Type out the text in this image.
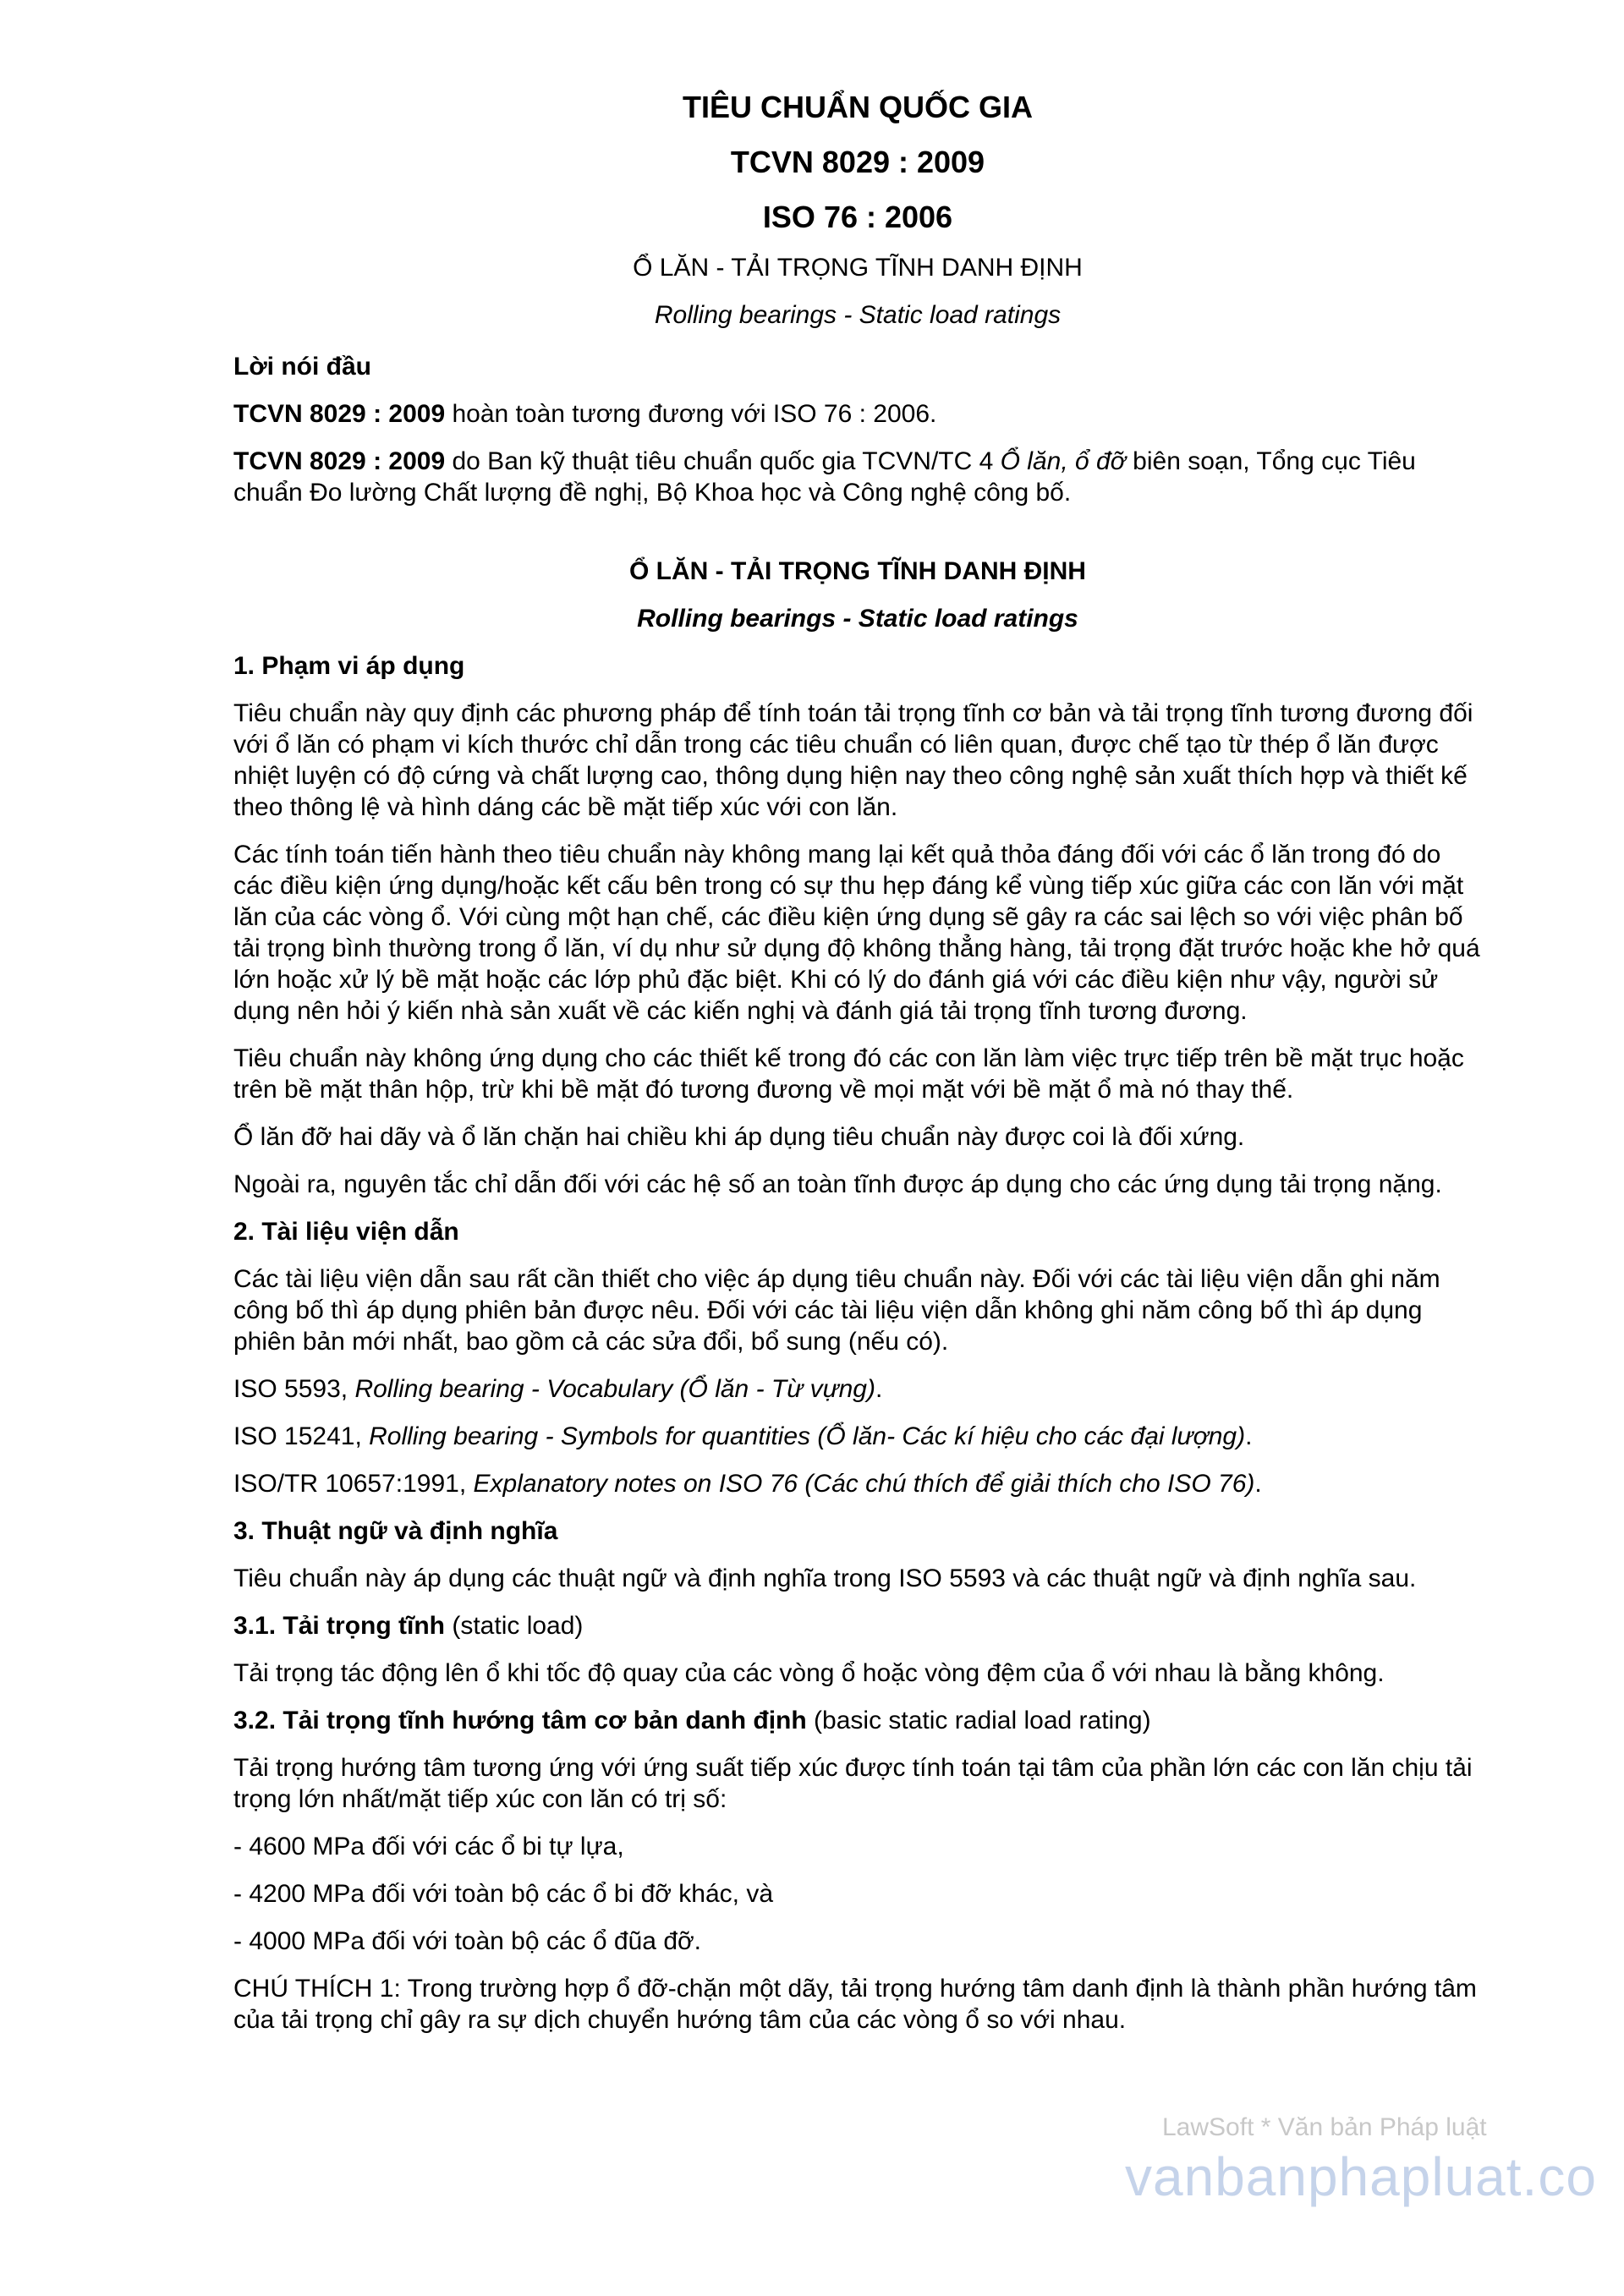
TIÊU CHUẨN QUỐC GIA
TCVN 8029 : 2009
ISO 76 : 2006
Ổ LĂN - TẢI TRỌNG TĨNH DANH ĐỊNH
Rolling bearings - Static load ratings
Lời nói đầu
TCVN 8029 : 2009 hoàn toàn tương đương với ISO 76 : 2006.
TCVN 8029 : 2009 do Ban kỹ thuật tiêu chuẩn quốc gia TCVN/TC 4 Ổ lăn, ổ đỡ biên soạn, Tổng cục Tiêu chuẩn Đo lường Chất lượng đề nghị, Bộ Khoa học và Công nghệ công bố.
Ổ LĂN - TẢI TRỌNG TĨNH DANH ĐỊNH
Rolling bearings - Static load ratings
1. Phạm vi áp dụng
Tiêu chuẩn này quy định các phương pháp để tính toán tải trọng tĩnh cơ bản và tải trọng tĩnh tương đương đối với ổ lăn có phạm vi kích thước chỉ dẫn trong các tiêu chuẩn có liên quan, được chế tạo từ thép ổ lăn được nhiệt luyện có độ cứng và chất lượng cao, thông dụng hiện nay theo công nghệ sản xuất thích hợp và thiết kế theo thông lệ và hình dáng các bề mặt tiếp xúc với con lăn.
Các tính toán tiến hành theo tiêu chuẩn này không mang lại kết quả thỏa đáng đối với các ổ lăn trong đó do các điều kiện ứng dụng/hoặc kết cấu bên trong có sự thu hẹp đáng kể vùng tiếp xúc giữa các con lăn với mặt lăn của các vòng ổ. Với cùng một hạn chế, các điều kiện ứng dụng sẽ gây ra các sai lệch so với việc phân bố tải trọng bình thường trong ổ lăn, ví dụ như sử dụng độ không thẳng hàng, tải trọng đặt trước hoặc khe hở quá lớn hoặc xử lý bề mặt hoặc các lớp phủ đặc biệt. Khi có lý do đánh giá với các điều kiện như vậy, người sử dụng nên hỏi ý kiến nhà sản xuất về các kiến nghị và đánh giá tải trọng tĩnh tương đương.
Tiêu chuẩn này không ứng dụng cho các thiết kế trong đó các con lăn làm việc trực tiếp trên bề mặt trục hoặc trên bề mặt thân hộp, trừ khi bề mặt đó tương đương về mọi mặt với bề mặt ổ mà nó thay thế.
Ổ lăn đỡ hai dãy và ổ lăn chặn hai chiều khi áp dụng tiêu chuẩn này được coi là đối xứng.
Ngoài ra, nguyên tắc chỉ dẫn đối với các hệ số an toàn tĩnh được áp dụng cho các ứng dụng tải trọng nặng.
2. Tài liệu viện dẫn
Các tài liệu viện dẫn sau rất cần thiết cho việc áp dụng tiêu chuẩn này. Đối với các tài liệu viện dẫn ghi năm công bố thì áp dụng phiên bản được nêu. Đối với các tài liệu viện dẫn không ghi năm công bố thì áp dụng phiên bản mới nhất, bao gồm cả các sửa đổi, bổ sung (nếu có).
ISO 5593, Rolling bearing - Vocabulary (Ổ lăn - Từ vựng).
ISO 15241, Rolling bearing - Symbols for quantities (Ổ lăn- Các kí hiệu cho các đại lượng).
ISO/TR 10657:1991, Explanatory notes on ISO 76 (Các chú thích để giải thích cho ISO 76).
3. Thuật ngữ và định nghĩa
Tiêu chuẩn này áp dụng các thuật ngữ và định nghĩa trong ISO 5593 và các thuật ngữ và định nghĩa sau.
3.1. Tải trọng tĩnh (static load)
Tải trọng tác động lên ổ khi tốc độ quay của các vòng ổ hoặc vòng đệm của ổ với nhau là bằng không.
3.2. Tải trọng tĩnh hướng tâm cơ bản danh định (basic static radial load rating)
Tải trọng hướng tâm tương ứng với ứng suất tiếp xúc được tính toán tại tâm của phần lớn các con lăn chịu tải trọng lớn nhất/mặt tiếp xúc con lăn có trị số:
- 4600 MPa đối với các ổ bi tự lựa,
- 4200 MPa đối với toàn bộ các ổ bi đỡ khác, và
- 4000 MPa đối với toàn bộ các ổ đũa đỡ.
CHÚ THÍCH 1: Trong trường hợp ổ đỡ-chặn một dãy, tải trọng hướng tâm danh định là thành phần hướng tâm của tải trọng chỉ gây ra sự dịch chuyển hướng tâm của các vòng ổ so với nhau.
LawSoft * Văn bản Pháp luật
vanbanphapluat.co
